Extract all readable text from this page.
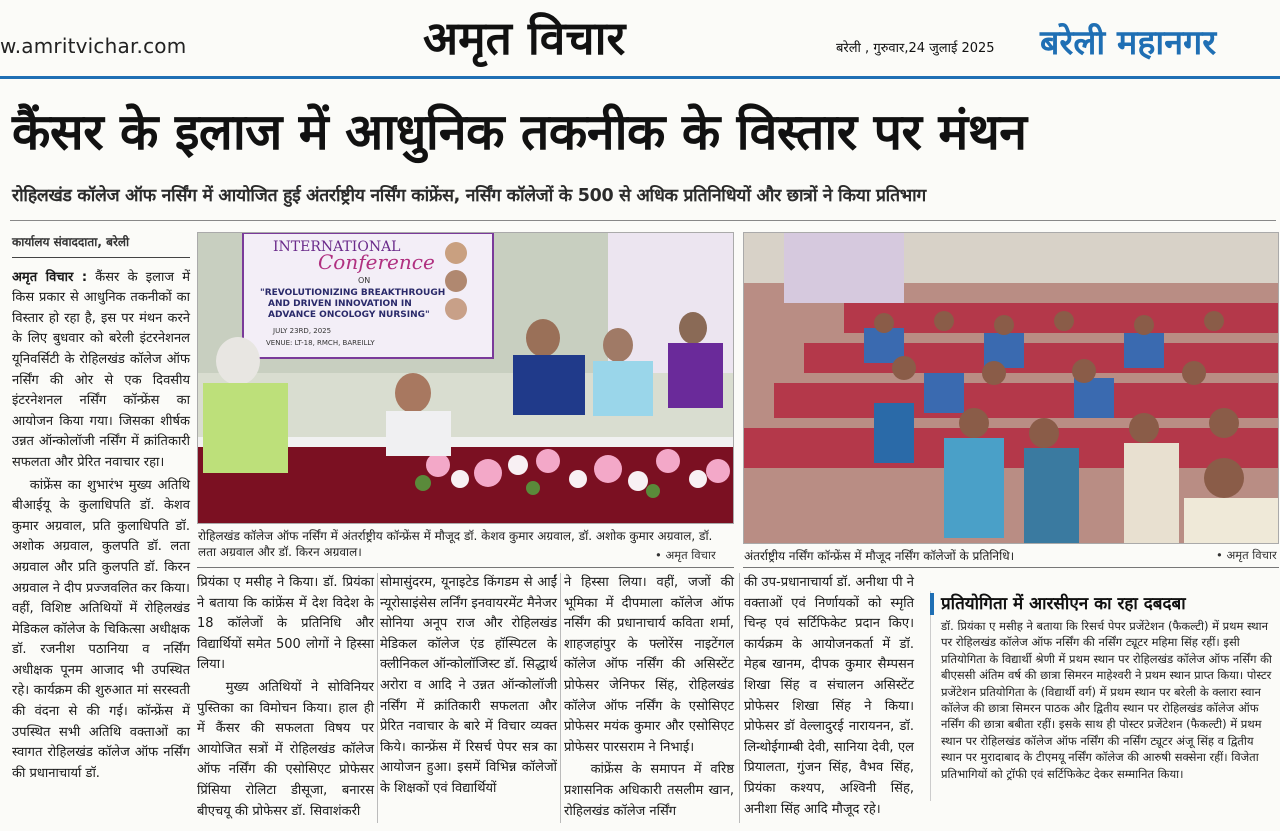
w.amritvichar.com	अमृत विचार	बरेली , गुरुवार,24 जुलाई 2025 बरेली महानगर
कैंसर के इलाज में आधुनिक तकनीक के विस्तार पर मंथन
रोहिलखंड कॉलेज ऑफ नर्सिंग में आयोजित हुई अंतर्राष्ट्रीय नर्सिंग कांफ्रेंस, नर्सिंग कॉलेजों के 500 से अधिक प्रतिनिधियों और छात्रों ने किया प्रतिभाग
कार्यालय संवाददाता, बरेली

अमृत विचार : कैंसर के इलाज में किस प्रकार से आधुनिक तकनीकों का विस्तार हो रहा है, इस पर मंथन करने के लिए बुधवार को बरेली इंटरनेशनल यूनिवर्सिटी के रोहिलखंड कॉलेज ऑफ नर्सिंग की ओर से एक दिवसीय इंटरनेशनल नर्सिंग कॉन्फ्रेंस का आयोजन किया गया। जिसका शीर्षक उन्नत ऑन्कोलॉजी नर्सिंग में क्रांतिकारी सफलता और प्रेरित नवाचार रहा।

कांफ्रेंस का शुभारंभ मुख्य अतिथि बीआईयू के कुलाधिपति डॉ. केशव कुमार अग्रवाल, प्रति कुलाधिपति डॉ. अशोक अग्रवाल, कुलपति डॉ. लता अग्रवाल और प्रति कुलपति डॉ. किरन अग्रवाल ने दीप प्रज्जवलित कर किया। वहीं, विशिष्ट अतिथियों में रोहिलखंड मेडिकल कॉलेज के चिकित्सा अधीक्षक डॉ. रजनीश पठानिया व नर्सिंग अधीक्षक पूनम आजाद भी उपस्थित रहे। कार्यक्रम की शुरुआत मां सरस्वती की वंदना से की गई। कॉन्फ्रेंस में उपस्थित सभी अतिथि वक्ताओं का स्वागत रोहिलखंड कॉलेज ऑफ नर्सिंग की प्रधानाचार्या डॉ.

INTERNATIONAL
Conference
ON
"REVOLUTIONIZING BREAKTHROUGH
AND DRIVEN INNOVATION IN
ADVANCE ONCOLOGY NURSING"
JULY 23RD, 2025
VENUE: LT-18, RMCH, BAREILLY
रोहिलखंड कॉलेज ऑफ नर्सिंग में अंतर्राष्ट्रीय कॉन्फ्रेंस में मौजूद डॉ. केशव कुमार अग्रवाल, डॉ. अशोक कुमार अग्रवाल, डॉ. लता अग्रवाल और डॉ. किरन अग्रवाल।	• अमृत विचार अंतर्राष्ट्रीय नर्सिंग कॉन्फ्रेंस में मौजूद नर्सिंग कॉलेजों के प्रतिनिधि।	• अमृत विचार

प्रियंका ए मसीह ने किया। डॉ. प्रियंका ने बताया कि कांफ्रेंस में देश विदेश के 18 कॉलेजों के प्रतिनिधि और विद्यार्थियों समेत 500 लोगों ने हिस्सा लिया।

मुख्य अतिथियों ने सोविनियर पुस्तिका का विमोचन किया। हाल ही में कैंसर की सफलता विषय पर आयोजित सत्रों में रोहिलखंड कॉलेज ऑफ नर्सिंग की एसोसिएट प्रोफेसर प्रिंसिया रोलिटा डीसूजा, बनारस बीएचयू की प्रोफेसर डॉ. सिवाशंकरी

सोमासुंदरम, यूनाइटेड किंगडम से आईं न्यूरोसाइंसेस लर्निंग इनवायरमेंट मैनेजर सोनिया अनूप राज और रोहिलखंड मेडिकल कॉलेज एंड हॉस्पिटल के क्लीनिकल ऑन्कोलॉजिस्ट डॉ. सिद्धार्थ अरोरा व आदि ने उन्नत ऑन्कोलॉजी नर्सिंग में क्रांतिकारी सफलता और प्रेरित नवाचार के बारे में विचार व्यक्त किये। कान्फ्रेंस में रिसर्च पेपर सत्र का आयोजन हुआ। इसमें विभिन्न कॉलेजों के शिक्षकों एवं विद्यार्थियों

ने हिस्सा लिया। वहीं, जजों की भूमिका में दीपमाला कॉलेज ऑफ नर्सिंग की प्रधानाचार्य कविता शर्मा, शाहजहांपुर के फ्लोरेंस नाइटेंगल कॉलेज ऑफ नर्सिंग की असिस्टेंट प्रोफेसर जेनिफर सिंह, रोहिलखंड कॉलेज ऑफ नर्सिंग के एसोसिएट प्रोफेसर मयंक कुमार और एसोसिएट प्रोफेसर पारसराम ने निभाई।

कांफ्रेंस के समापन में वरिष्ठ प्रशासनिक अधिकारी तसलीम खान, रोहिलखंड कॉलेज नर्सिंग

की उप-प्रधानाचार्या डॉ. अनीथा पी ने वक्ताओं एवं निर्णायकों को स्मृति चिन्ह एवं सर्टिफिकेट प्रदान किए। कार्यक्रम के आयोजनकर्ता में डॉ. मेहब खानम, दीपक कुमार सैम्पसन शिखा सिंह व संचालन असिस्टेंट प्रोफेसर शिखा सिंह ने किया। प्रोफेसर डॉ वेल्लादुरई नारायनन, डॉ. लिन्थोईगाम्बी देवी, सानिया देवी, एल प्रियालता, गुंजन सिंह, वैभव सिंह, प्रियंका कश्यप, अश्विनी सिंह, अनीशा सिंह आदि मौजूद रहे।

प्रतियोगिता में आरसीएन का रहा दबदबा
डॉ. प्रियंका ए मसीह ने बताया कि रिसर्च पेपर प्रजेंटेशन (फैकल्टी) में प्रथम स्थान पर रोहिलखंड कॉलेज ऑफ नर्सिंग की नर्सिंग ट्यूटर महिमा सिंह रहीं। इसी प्रतियोगिता के विद्यार्थी श्रेणी में प्रथम स्थान पर रोहिलखंड कॉलेज ऑफ नर्सिंग की बीएससी अंतिम वर्ष की छात्रा सिमरन माहेश्वरी ने प्रथम स्थान प्राप्त किया। पोस्टर प्रजेंटेशन प्रतियोगिता के (विद्यार्थी वर्ग) में प्रथम स्थान पर बरेली के क्लारा स्वान कॉलेज की छात्रा सिमरन पाठक और द्वितीय स्थान पर रोहिलखंड कॉलेज ऑफ नर्सिंग की छात्रा बबीता रहीं। इसके साथ ही पोस्टर प्रजेंटेशन (फैकल्टी) में प्रथम स्थान पर रोहिलखंड कॉलेज ऑफ नर्सिंग की नर्सिंग ट्यूटर अंजू सिंह व द्वितीय स्थान पर मुरादाबाद के टीएमयू नर्सिंग कॉलेज की आरुषी सक्सेना रहीं। विजेता प्रतिभागियों को ट्रॉफी एवं सर्टिफिकेट देकर सम्मानित किया।
